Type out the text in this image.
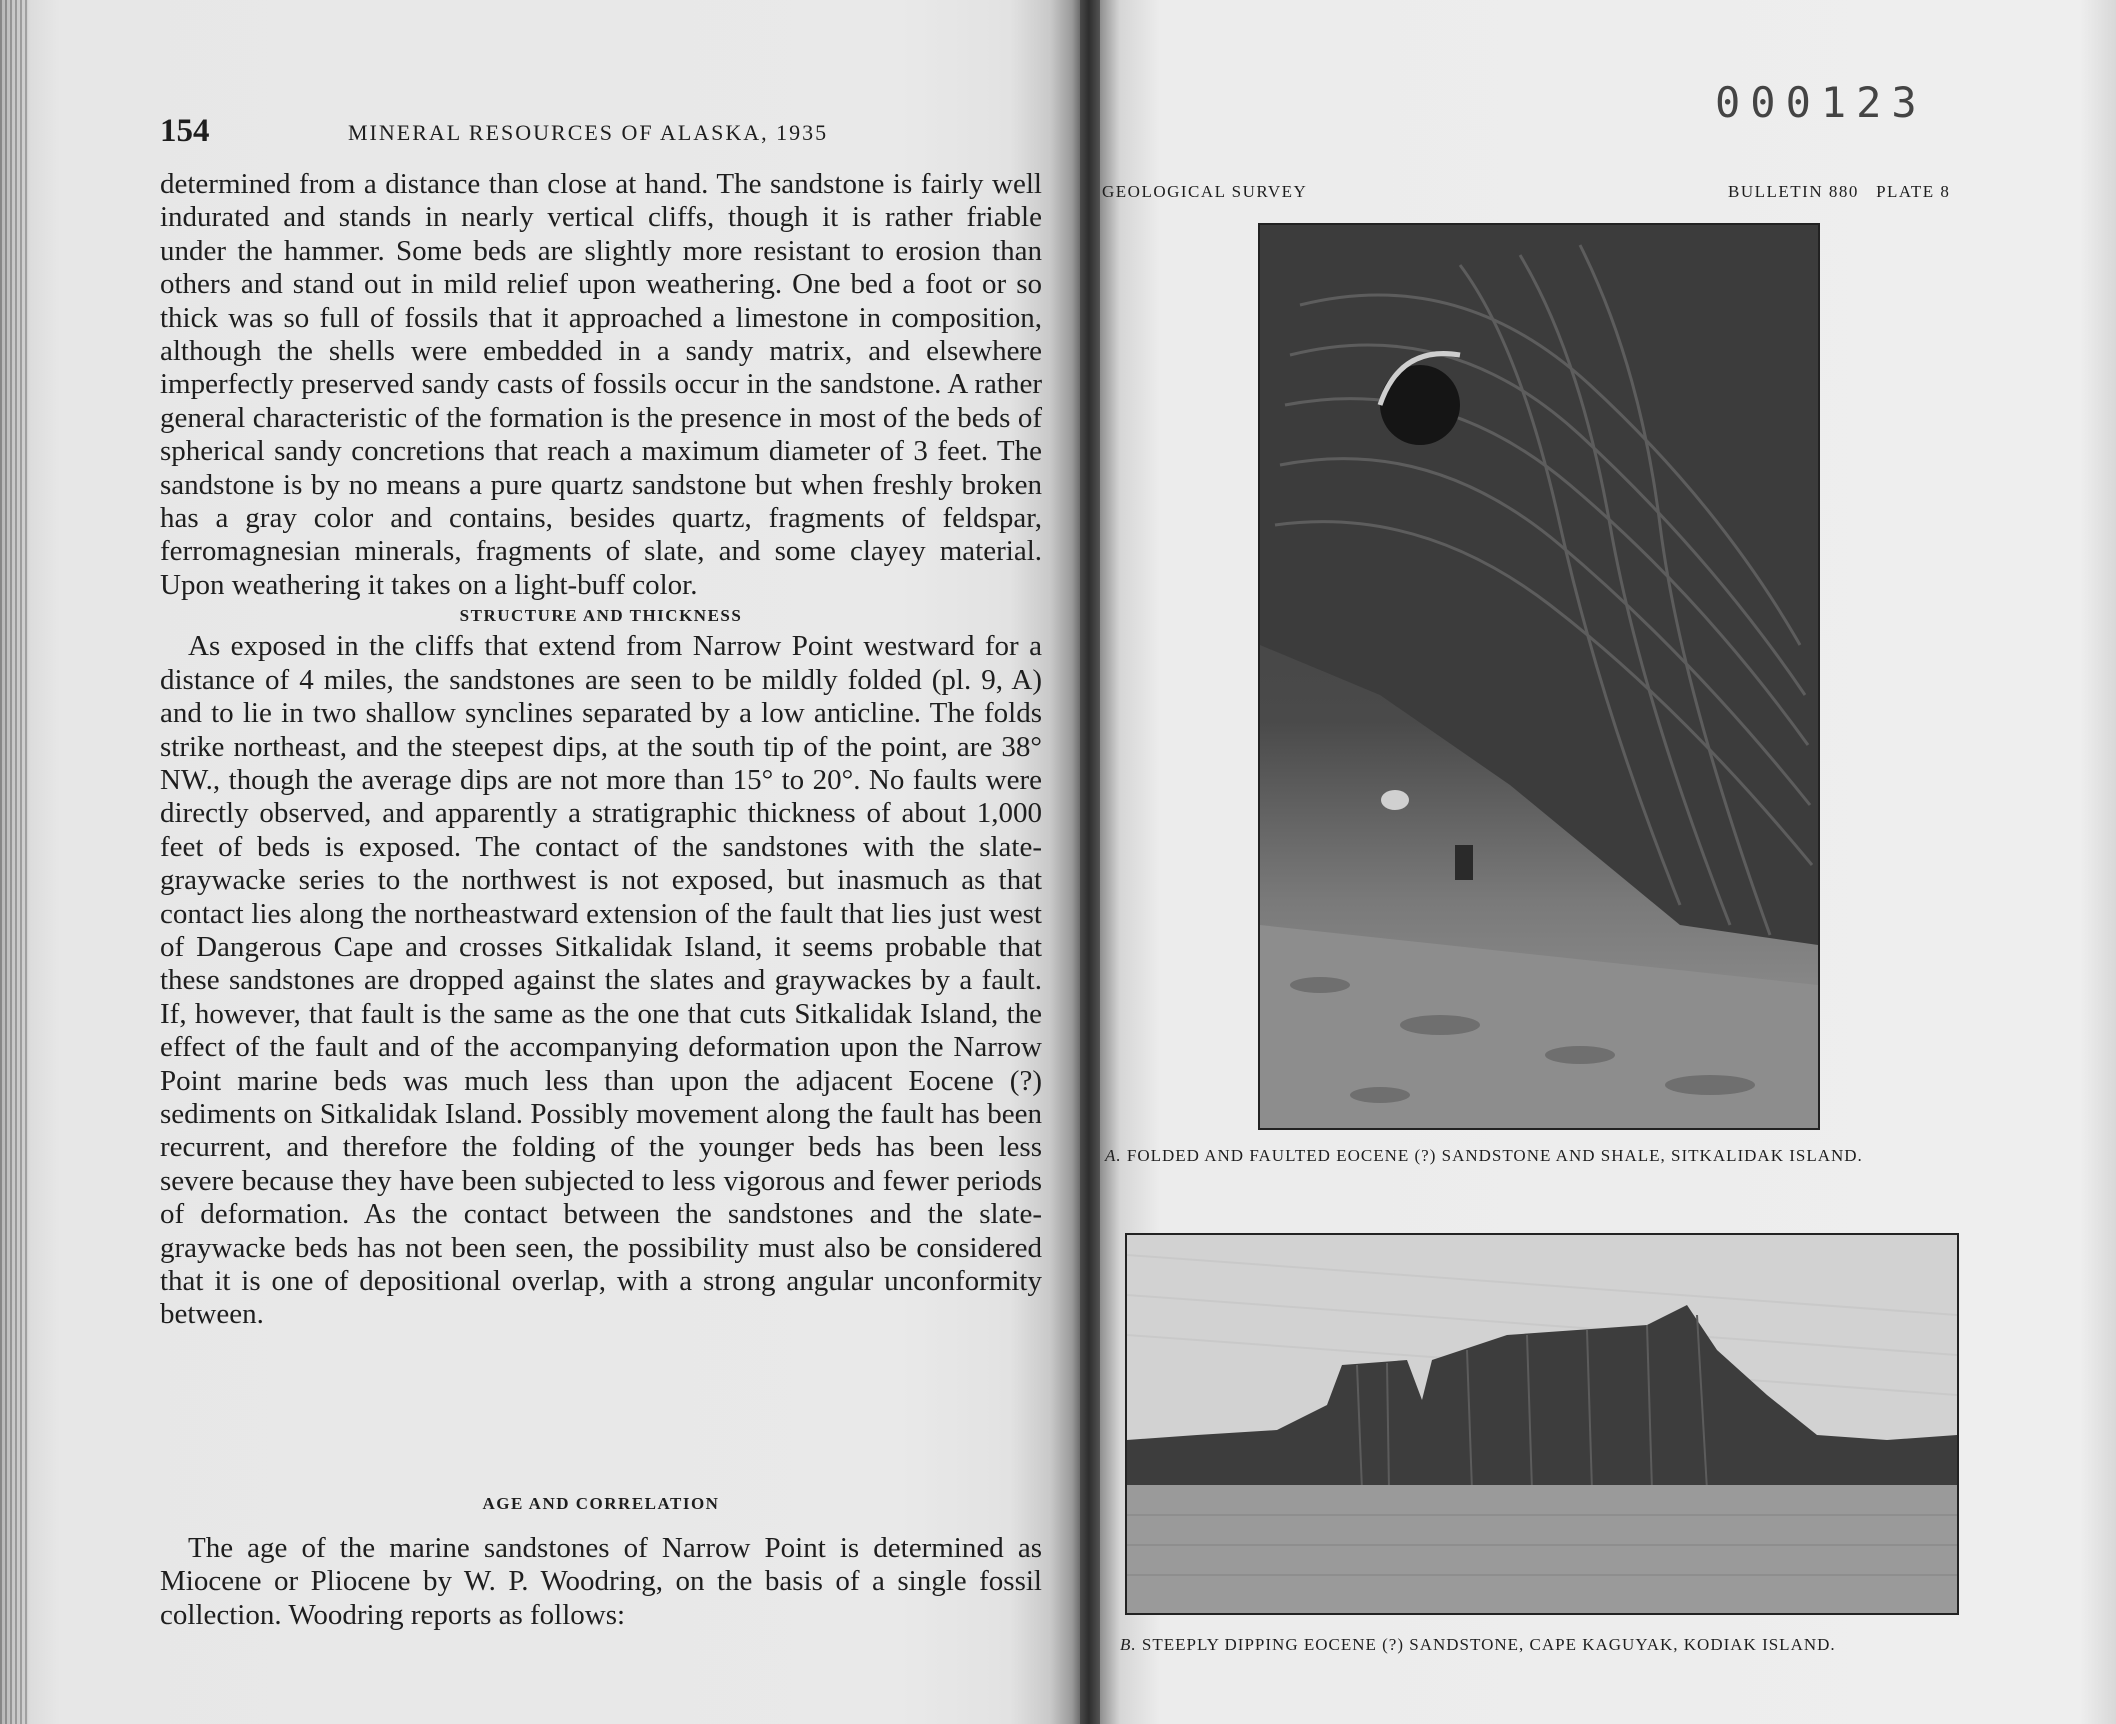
154	MINERAL RESOURCES OF ALASKA, 1935

determined from a distance than close at hand. The sandstone is fairly well indurated and stands in nearly vertical cliffs, though it is rather friable under the hammer. Some beds are slightly more resistant to erosion than others and stand out in mild relief upon weathering. One bed a foot or so thick was so full of fossils that it approached a limestone in composition, although the shells were embedded in a sandy matrix, and elsewhere imperfectly preserved sandy casts of fossils occur in the sandstone. A rather general characteristic of the formation is the presence in most of the beds of spherical sandy concretions that reach a maximum diameter of 3 feet. The sandstone is by no means a pure quartz sandstone but when freshly broken has a gray color and contains, besides quartz, fragments of feldspar, ferromagnesian minerals, fragments of slate, and some clayey material. Upon weathering it takes on a light-buff color.

STRUCTURE AND THICKNESS

As exposed in the cliffs that extend from Narrow Point westward for a distance of 4 miles, the sandstones are seen to be mildly folded (pl. 9, A) and to lie in two shallow synclines separated by a low anticline. The folds strike northeast, and the steepest dips, at the south tip of the point, are 38° NW., though the average dips are not more than 15° to 20°. No faults were directly observed, and apparently a stratigraphic thickness of about 1,000 feet of beds is exposed. The contact of the sandstones with the slate-graywacke series to the northwest is not exposed, but inasmuch as that contact lies along the northeastward extension of the fault that lies just west of Dangerous Cape and crosses Sitkalidak Island, it seems probable that these sandstones are dropped against the slates and graywackes by a fault. If, however, that fault is the same as the one that cuts Sitkalidak Island, the effect of the fault and of the accompanying deformation upon the Narrow Point marine beds was much less than upon the adjacent Eocene (?) sediments on Sitkalidak Island. Possibly movement along the fault has been recurrent, and therefore the folding of the younger beds has been less severe because they have been subjected to less vigorous and fewer periods of deformation. As the contact between the sandstones and the slate-graywacke beds has not been seen, the possibility must also be considered that it is one of depositional overlap, with a strong angular unconformity between.

AGE AND CORRELATION

The age of the marine sandstones of Narrow Point is determined as Miocene or Pliocene by W. P. Woodring, on the basis of a single fossil collection. Woodring reports as follows:

000123
GEOLOGICAL SURVEY	BULLETIN 880   PLATE 8
A. FOLDED AND FAULTED EOCENE (?) SANDSTONE AND SHALE, SITKALIDAK ISLAND.
B. STEEPLY DIPPING EOCENE (?) SANDSTONE, CAPE KAGUYAK, KODIAK ISLAND.
